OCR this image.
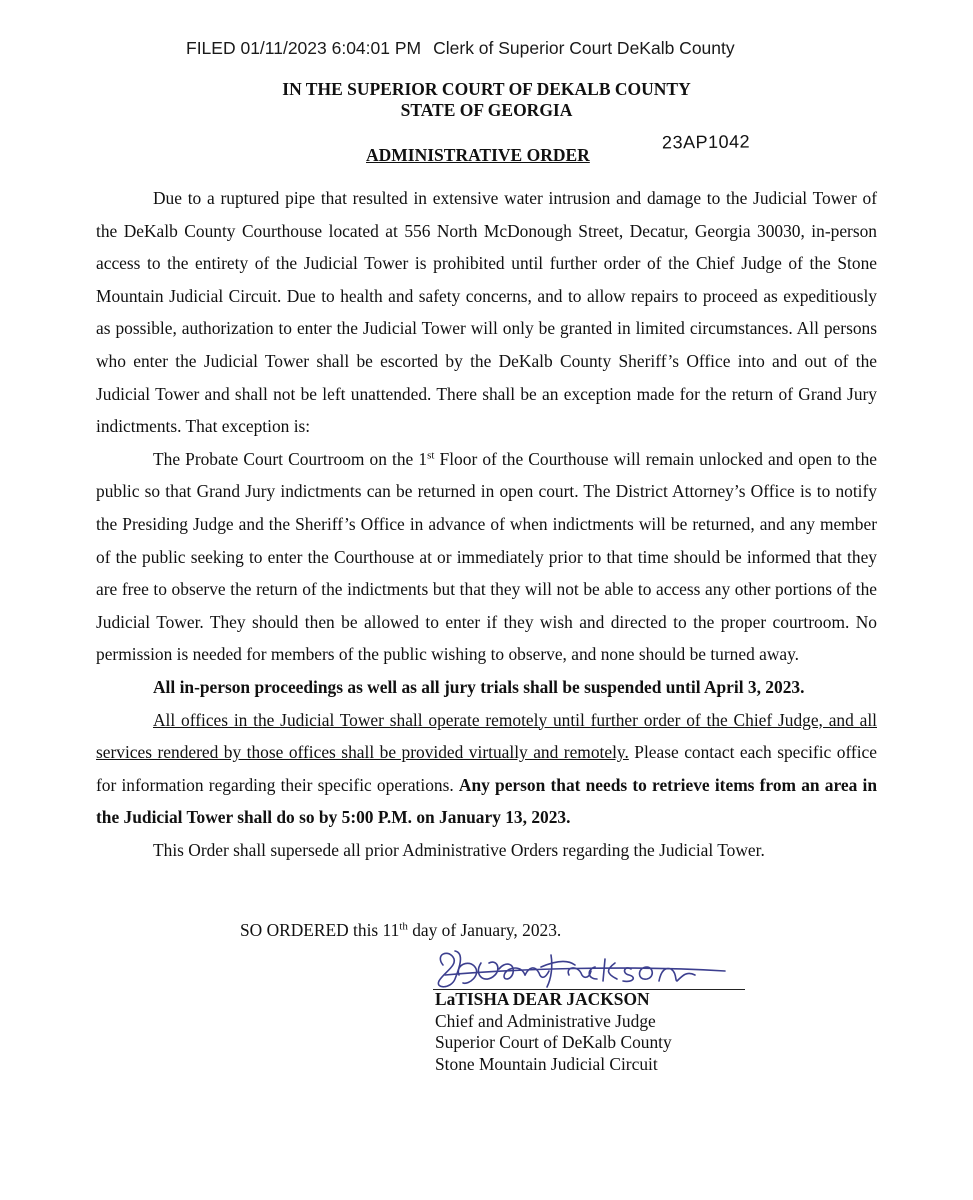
FILED 01/11/2023 6:04:01 PM Clerk of Superior Court DeKalb County
IN THE SUPERIOR COURT OF DEKALB COUNTY
STATE OF GEORGIA
ADMINISTRATIVE ORDER
23AP1042

Due to a ruptured pipe that resulted in extensive water intrusion and damage to the Judicial Tower of the DeKalb County Courthouse located at 556 North McDonough Street, Decatur, Georgia 30030, in-person access to the entirety of the Judicial Tower is prohibited until further order of the Chief Judge of the Stone Mountain Judicial Circuit. Due to health and safety concerns, and to allow repairs to proceed as expeditiously as possible, authorization to enter the Judicial Tower will only be granted in limited circumstances. All persons who enter the Judicial Tower shall be escorted by the DeKalb County Sheriff’s Office into and out of the Judicial Tower and shall not be left unattended. There shall be an exception made for the return of Grand Jury indictments. That exception is:

The Probate Court Courtroom on the 1st Floor of the Courthouse will remain unlocked and open to the public so that Grand Jury indictments can be returned in open court. The District Attorney’s Office is to notify the Presiding Judge and the Sheriff’s Office in advance of when indictments will be returned, and any member of the public seeking to enter the Courthouse at or immediately prior to that time should be informed that they are free to observe the return of the indictments but that they will not be able to access any other portions of the Judicial Tower. They should then be allowed to enter if they wish and directed to the proper courtroom. No permission is needed for members of the public wishing to observe, and none should be turned away.

All in-person proceedings as well as all jury trials shall be suspended until April 3, 2023.

All offices in the Judicial Tower shall operate remotely until further order of the Chief Judge, and all services rendered by those offices shall be provided virtually and remotely. Please contact each specific office for information regarding their specific operations. Any person that needs to retrieve items from an area in the Judicial Tower shall do so by 5:00 P.M. on January 13, 2023.

This Order shall supersede all prior Administrative Orders regarding the Judicial Tower.

SO ORDERED this 11th day of January, 2023.
LaTISHA DEAR JACKSON
Chief and Administrative Judge
Superior Court of DeKalb County
Stone Mountain Judicial Circuit
